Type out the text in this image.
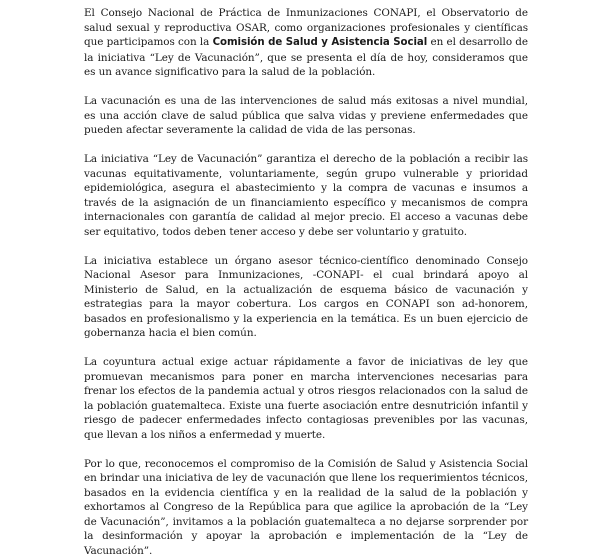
El Consejo Nacional de Práctica de Inmunizaciones CONAPI, el Observatorio de salud sexual y reproductiva OSAR, como organizaciones profesionales y científicas que participamos con la Comisión de Salud y Asistencia Social en el desarrollo de la iniciativa “Ley de Vacunación”, que se presenta el día de hoy, consideramos que es un avance significativo para la salud de la población.

La vacunación es una de las intervenciones de salud más exitosas a nivel mundial, es una acción clave de salud pública que salva vidas y previene enfermedades que pueden afectar severamente la calidad de vida de las personas.

La iniciativa “Ley de Vacunación” garantiza el derecho de la población a recibir las vacunas equitativamente, voluntariamente, según grupo vulnerable y prioridad epidemiológica, asegura el abastecimiento y la compra de vacunas e insumos a través de la asignación de un financiamiento específico y mecanismos de compra internacionales con garantía de calidad al mejor precio. El acceso a vacunas debe ser equitativo, todos deben tener acceso y debe ser voluntario y gratuito.

La iniciativa establece un órgano asesor técnico-científico denominado Consejo Nacional Asesor para Inmunizaciones, -CONAPI- el cual brindará apoyo al Ministerio de Salud, en la actualización de esquema básico de vacunación y estrategias para la mayor cobertura. Los cargos en CONAPI son ad-honorem, basados en profesionalismo y la experiencia en la temática. Es un buen ejercicio de gobernanza hacia el bien común.

La coyuntura actual exige actuar rápidamente a favor de iniciativas de ley que promuevan mecanismos para poner en marcha intervenciones necesarias para frenar los efectos de la pandemia actual y otros riesgos relacionados con la salud de la población guatemalteca. Existe una fuerte asociación entre desnutrición infantil y riesgo de padecer enfermedades infecto contagiosas prevenibles por las vacunas, que llevan a los niños a enfermedad y muerte.

Por lo que, reconocemos el compromiso de la Comisión de Salud y Asistencia Social en brindar una iniciativa de ley de vacunación que llene los requerimientos técnicos, basados en la evidencia científica y en la realidad de la salud de la población y exhortamos al Congreso de la República para que agilice la aprobación de la “Ley de Vacunación”, invitamos a la población guatemalteca a no dejarse sorprender por la desinformación y apoyar la aprobación e implementación de la “Ley de Vacunación”.
